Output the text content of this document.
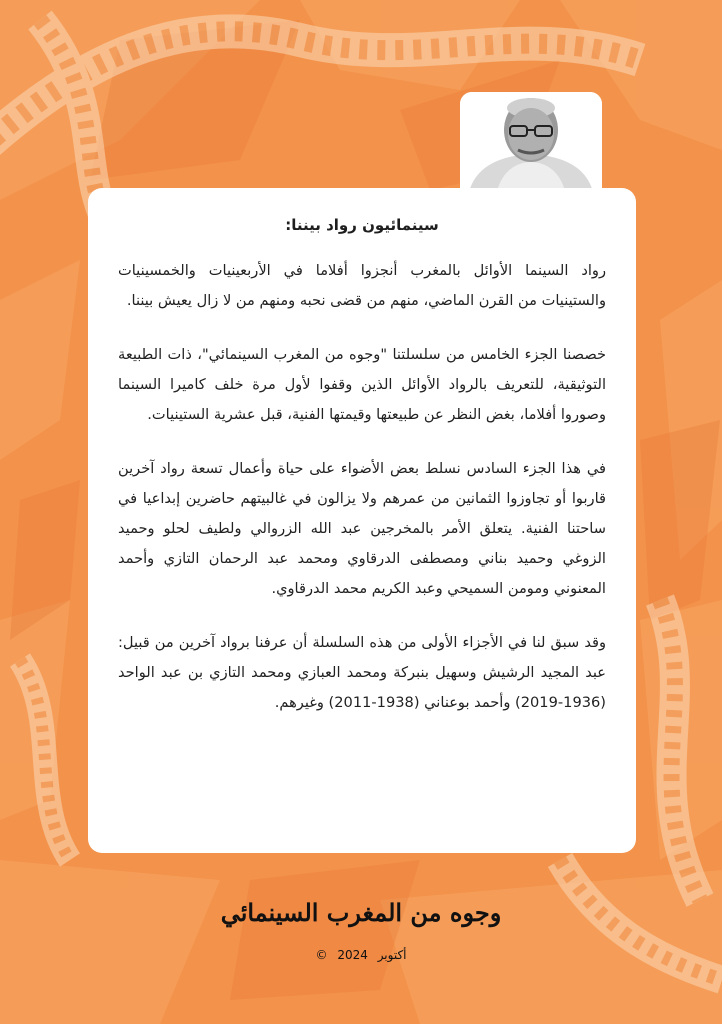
سينمائيون رواد بيننا:

رواد السينما الأوائل بالمغرب أنجزوا أفلاما في الأربعينيات والخمسينيات والستينيات من القرن الماضي، منهم من قضى نحبه ومنهم من لا زال يعيش بيننا.

خصصنا الجزء الخامس من سلسلتنا "وجوه من المغرب السينمائي"، ذات الطبيعة التوثيقية، للتعريف بالرواد الأوائل الذين وقفوا لأول مرة خلف كاميرا السينما وصوروا أفلاما، بغض النظر عن طبيعتها وقيمتها الفنية، قبل عشرية الستينيات.

في هذا الجزء السادس نسلط بعض الأضواء على حياة وأعمال تسعة رواد آخرين قاربوا أو تجاوزوا الثمانين من عمرهم ولا يزالون في غالبيتهم حاضرين إبداعيا في ساحتنا الفنية. يتعلق الأمر بالمخرجين عبد الله الزروالي ولطيف لحلو وحميد الزوغي وحميد بناني ومصطفى الدرقاوي ومحمد عبد الرحمان التازي وأحمد المعنوني ومومن السميحي وعبد الكريم محمد الدرقاوي.

وقد سبق لنا في الأجزاء الأولى من هذه السلسلة أن عرفنا برواد آخرين من قبيل: عبد المجيد الرشيش وسهيل بنبركة ومحمد العبازي ومحمد التازي بن عبد الواحد (1936-2019) وأحمد بوعناني (1938-2011) وغيرهم.

وجوه من المغرب السينمائي
أكتوبر 2024 ©
